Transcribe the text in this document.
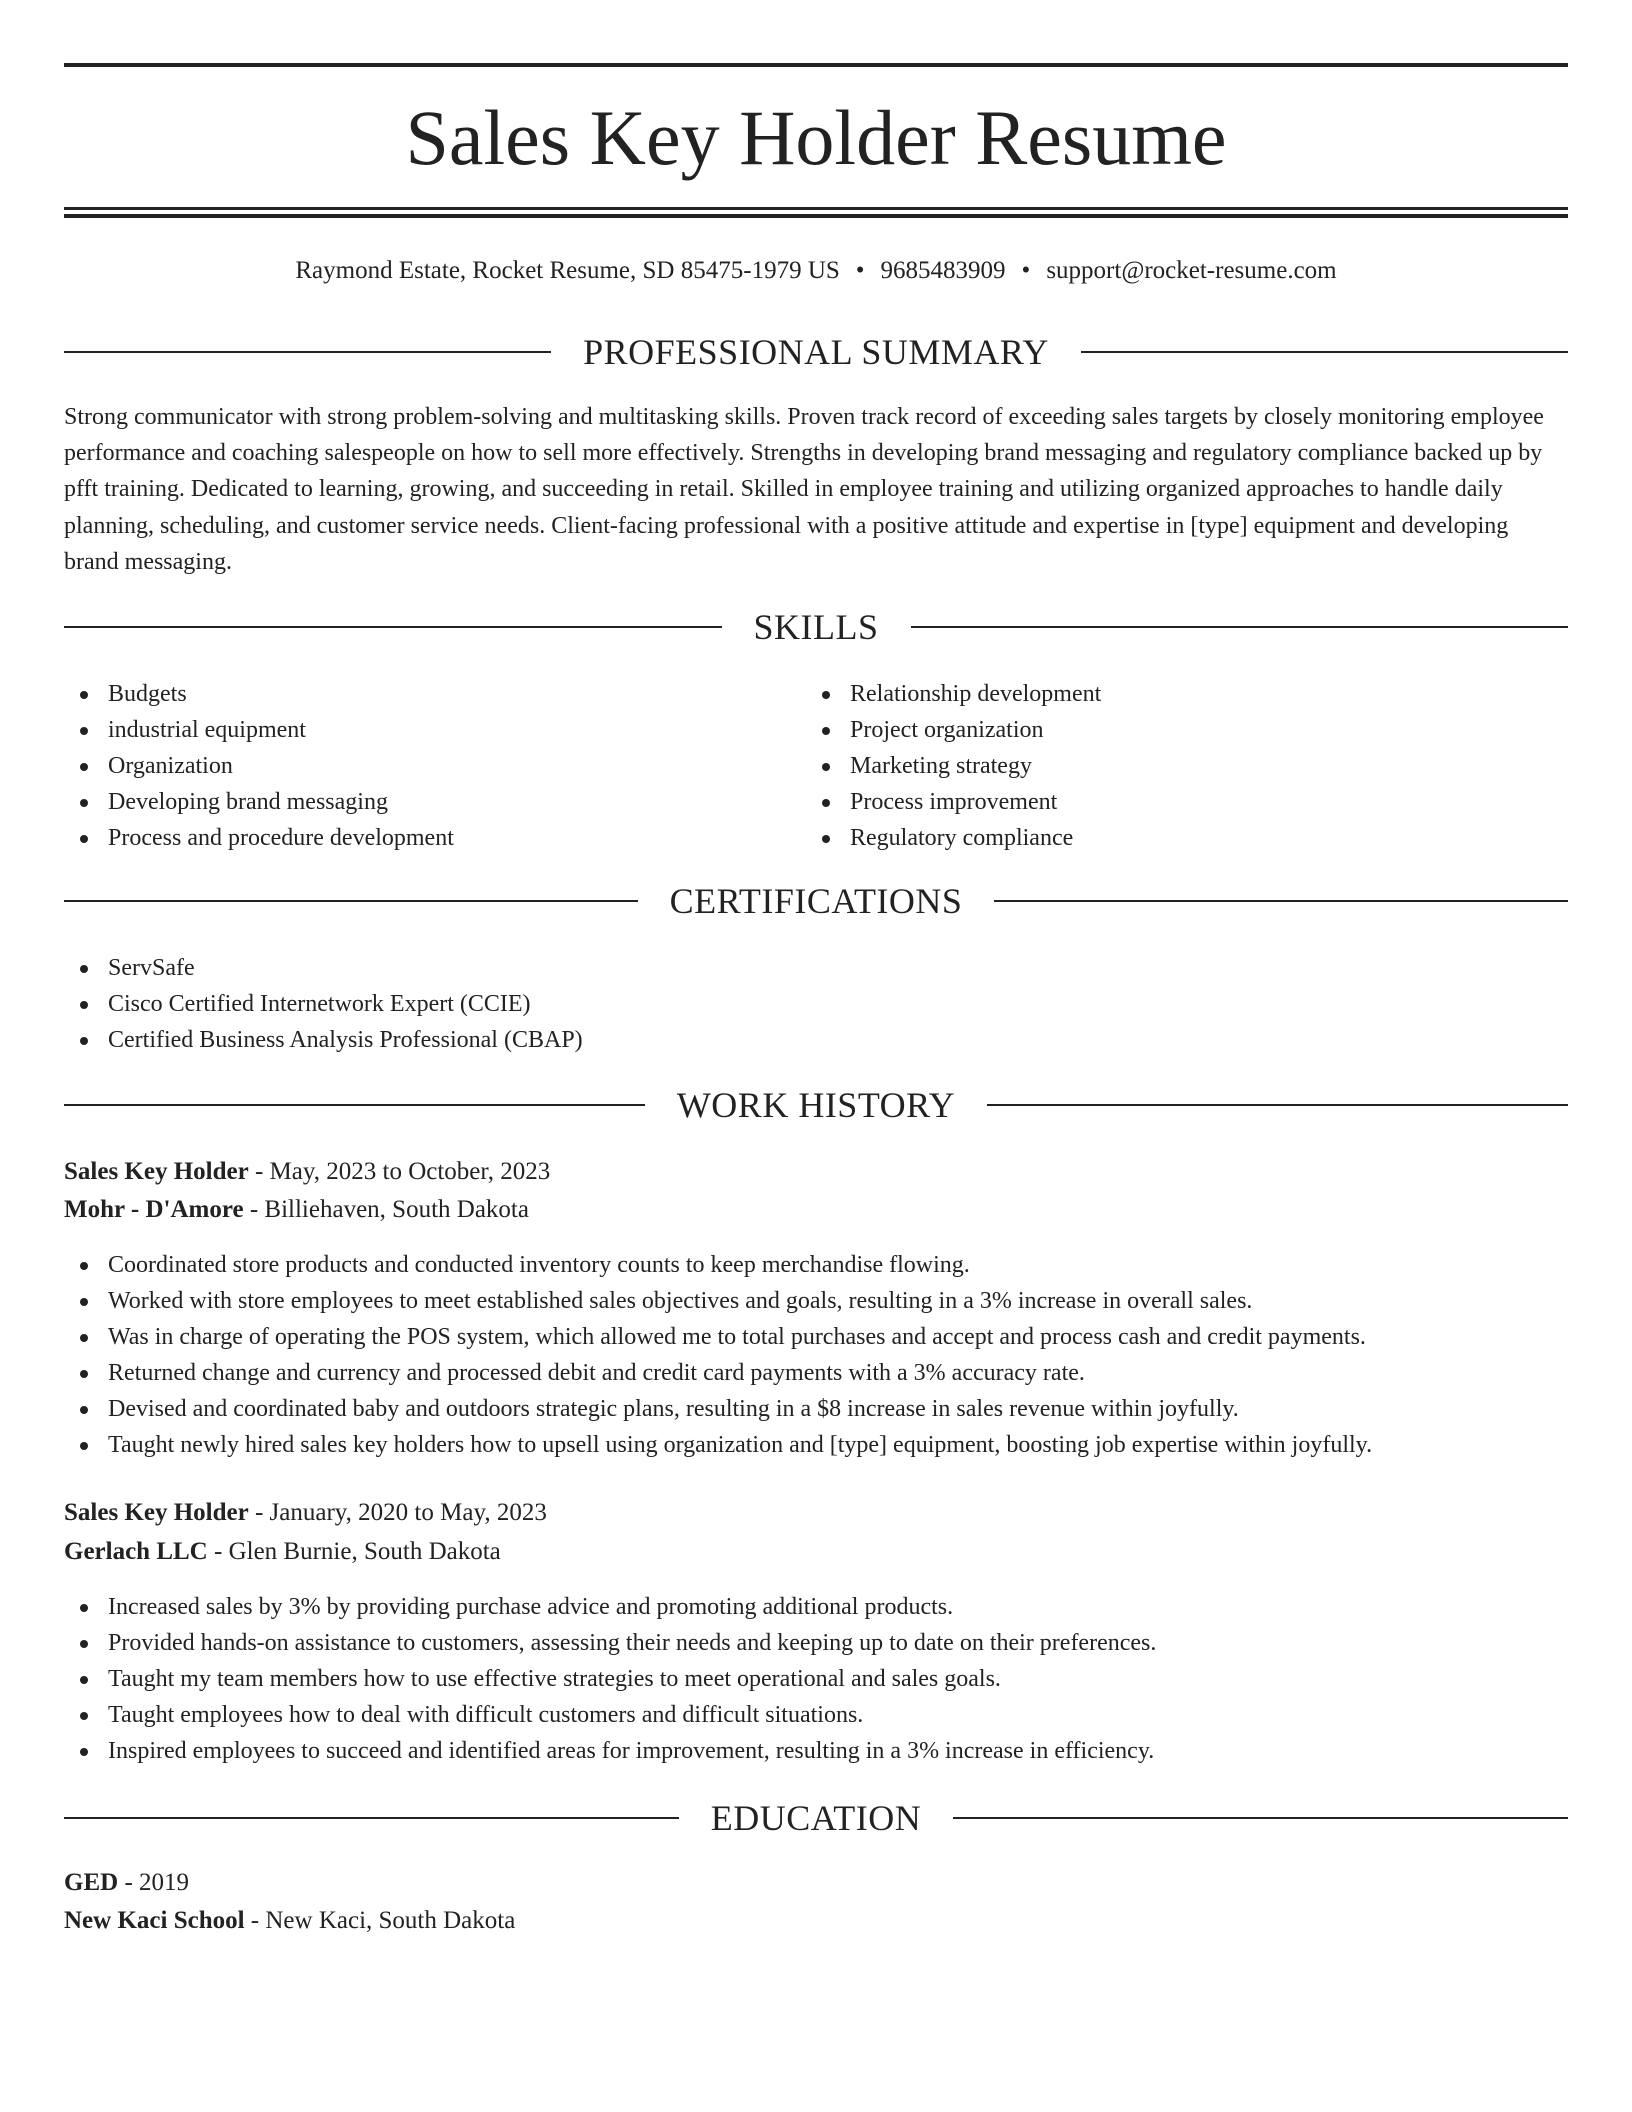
Sales Key Holder Resume
Raymond Estate, Rocket Resume, SD 85475-1979 US • 9685483909 • support@rocket-resume.com
PROFESSIONAL SUMMARY

Strong communicator with strong problem-solving and multitasking skills. Proven track record of exceeding sales targets by closely monitoring employee performance and coaching salespeople on how to sell more effectively. Strengths in developing brand messaging and regulatory compliance backed up by pfft training. Dedicated to learning, growing, and succeeding in retail. Skilled in employee training and utilizing organized approaches to handle daily planning, scheduling, and customer service needs. Client-facing professional with a positive attitude and expertise in [type] equipment and developing brand messaging.

SKILLS
Budgets
industrial equipment
Organization
Developing brand messaging
Process and procedure development
Relationship development
Project organization
Marketing strategy
Process improvement
Regulatory compliance
CERTIFICATIONS
ServSafe
Cisco Certified Internetwork Expert (CCIE)
Certified Business Analysis Professional (CBAP)
WORK HISTORY
Sales Key Holder - May, 2023 to October, 2023
Mohr - D'Amore - Billiehaven, South Dakota
Coordinated store products and conducted inventory counts to keep merchandise flowing.
Worked with store employees to meet established sales objectives and goals, resulting in a 3% increase in overall sales.
Was in charge of operating the POS system, which allowed me to total purchases and accept and process cash and credit payments.
Returned change and currency and processed debit and credit card payments with a 3% accuracy rate.
Devised and coordinated baby and outdoors strategic plans, resulting in a $8 increase in sales revenue within joyfully.
Taught newly hired sales key holders how to upsell using organization and [type] equipment, boosting job expertise within joyfully.
Sales Key Holder - January, 2020 to May, 2023
Gerlach LLC - Glen Burnie, South Dakota
Increased sales by 3% by providing purchase advice and promoting additional products.
Provided hands-on assistance to customers, assessing their needs and keeping up to date on their preferences.
Taught my team members how to use effective strategies to meet operational and sales goals.
Taught employees how to deal with difficult customers and difficult situations.
Inspired employees to succeed and identified areas for improvement, resulting in a 3% increase in efficiency.
EDUCATION
GED - 2019
New Kaci School - New Kaci, South Dakota
